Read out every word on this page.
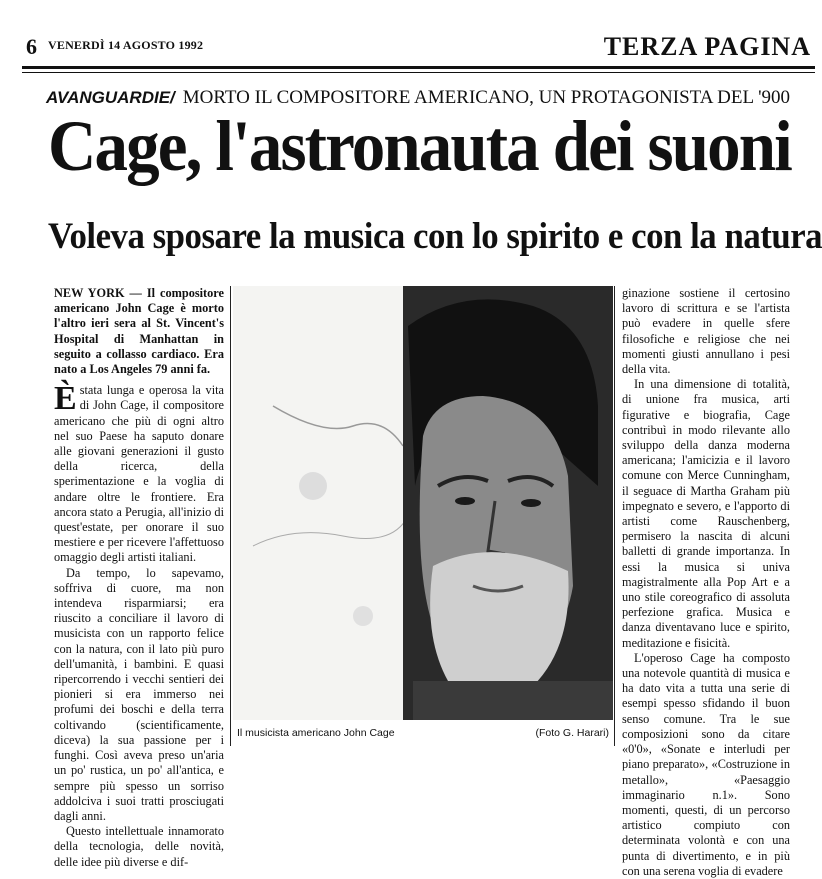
6 VENERDÌ 14 AGOSTO 1992	TERZA PAGINA
AVANGUARDIE/ MORTO IL COMPOSITORE AMERICANO, UN PROTAGONISTA DEL '900
Cage, l'astronauta dei suoni
Voleva sposare la musica con lo spirito e con la natura

NEW YORK — Il compositore americano John Cage è morto l'altro ieri sera al St. Vincent's Hospital di Manhattan in seguito a collasso cardiaco. Era nato a Los Angeles 79 anni fa.

È stata lunga e operosa la vita di John Cage, il compositore americano che più di ogni altro nel suo Paese ha saputo donare alle giovani generazioni il gusto della ricerca, della sperimentazione e la voglia di andare oltre le frontiere. Era ancora stato a Perugia, all'inizio di quest'estate, per onorare il suo mestiere e per ricevere l'affettuoso omaggio degli artisti italiani.

Da tempo, lo sapevamo, soffriva di cuore, ma non intendeva risparmiarsi; era riuscito a conciliare il lavoro di musicista con un rapporto felice con la natura, con il lato più puro dell'umanità, i bambini. E quasi ripercorrendo i vecchi sentieri dei pionieri si era immerso nei profumi dei boschi e della terra coltivando (scientificamente, diceva) la sua passione per i funghi. Così aveva preso un'aria un po' rustica, un po' all'antica, e sempre più spesso un sorriso addolciva i suoi tratti prosciugati dagli anni.

Questo intellettuale innamorato della tecnologia, delle novità, delle idee più diverse e dif-

Il musicista americano John Cage	(Foto G. Harari)

ginazione sostiene il certosino lavoro di scrittura e se l'artista può evadere in quelle sfere filosofiche e religiose che nei momenti giusti annullano i pesi della vita.

In una dimensione di totalità, di unione fra musica, arti figurative e biografia, Cage contribuì in modo rilevante allo sviluppo della danza moderna americana; l'amicizia e il lavoro comune con Merce Cunningham, il seguace di Martha Graham più impegnato e severo, e l'apporto di artisti come Rauschenberg, permisero la nascita di alcuni balletti di grande importanza. In essi la musica si univa magistralmente alla Pop Art e a uno stile coreografico di assoluta perfezione grafica. Musica e danza diventavano luce e spirito, meditazione e fisicità.

L'operoso Cage ha composto una notevole quantità di musica e ha dato vita a tutta una serie di esempi spesso sfidando il buon senso comune. Tra le sue composizioni sono da citare «0'0», «Sonate e interludi per piano preparato», «Costruzione in metallo», «Paesaggio immaginario n.1». Sono momenti, questi, di un percorso artistico compiuto con determinata volontà e con una punta di divertimento, e in più con una serena voglia di evadere
